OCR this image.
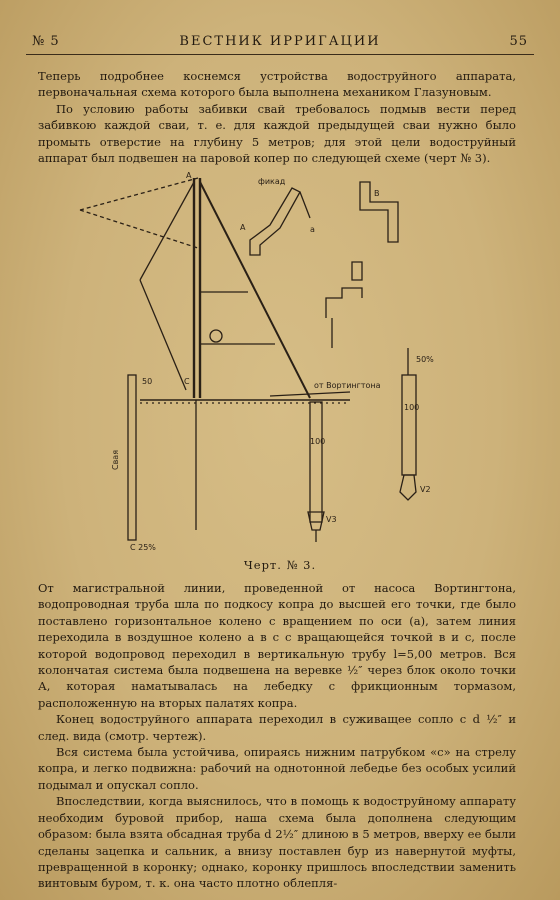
№ 5	ВЕСТНИК ИРРИГАЦИИ	55

Теперь подробнее коснемся устройства водоструйного аппарата, первоначальная схема которого была выполнена механиком Глазуновым.

По условию работы забивки свай требовалось подмыв вести перед забивкою каждой сваи, т. е. для каждой предыдущей сваи нужно было промыть отверстие на глубину 5 метров; для этой цели водоструйный аппарат был подвешен на паровой копер по следующей схеме (черт № 3).

фикад
А
В
а
А
С	от Вортингтона
50
Свая
С 25%
100
V3
50%
100
V2
Черт. № 3.

От магистральной линии, проведенной от насоса Вортингтона, водопроводная труба шла по подкосу копра до высшей его точки, где было поставлено горизонтальное колено с вращением по оси (а), затем линия переходила в воздушное колено а в с с вращающейся точкой в и с, после которой водопровод переходил в вертикальную трубу l=5,00 метров. Вся колончатая система была подвешена на веревке ½″ через блок около точки А, которая наматывалась на лебедку с фрикционным тормазом, расположенную на вторых палатях копра.

Конец водоструйного аппарата переходил в суживащее сопло с d ½″ и след. вида (смотр. чертеж).

Вся система была устойчива, опираясь нижним патрубком «с» на стрелу копра, и легко подвижна: рабочий на однотонной лебедье без особых усилий подымал и опускал сопло.

Впоследствии, когда выяснилось, что в помощь к водоструйному аппарату необходим буровой прибор, наша схема была дополнена следующим образом: была взята обсадная труба d 2½″ длиною в 5 метров, вверху ее были сделаны зацепка и сальник, а внизу поставлен бур из навернутой муфты, превращенной в коронку; однако, коронку пришлось впоследствии заменить винтовым буром, т. к. она часто плотно облепля-
